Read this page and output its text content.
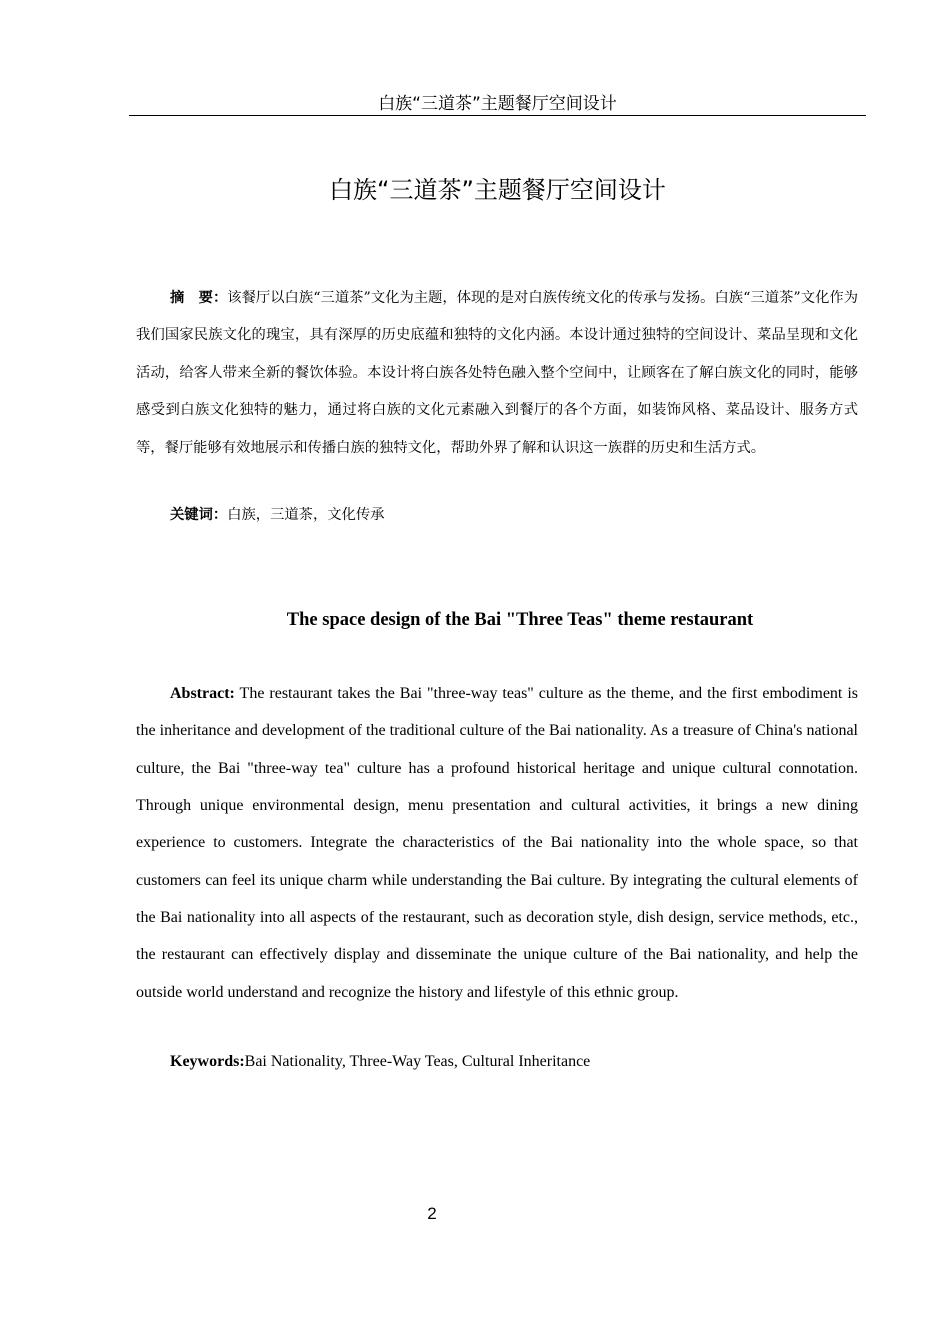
白族“三道茶”主题餐厅空间设计
白族“三道茶”主题餐厅空间设计

摘　要：该餐厅以白族“三道茶”文化为主题，体现的是对白族传统文化的传承与发扬。白族“三道茶”文化作为我们国家民族文化的瑰宝，具有深厚的历史底蕴和独特的文化内涵。本设计通过独特的空间设计、菜品呈现和文化活动，给客人带来全新的餐饮体验。本设计将白族各处特色融入整个空间中，让顾客在了解白族文化的同时，能够感受到白族文化独特的魅力，通过将白族的文化元素融入到餐厅的各个方面，如装饰风格、菜品设计、服务方式等，餐厅能够有效地展示和传播白族的独特文化，帮助外界了解和认识这一族群的历史和生活方式。

关键词：白族，三道茶，文化传承

The space design of the Bai "Three Teas" theme restaurant

Abstract: The restaurant takes the Bai "three-way teas" culture as the theme, and the first embodiment is the inheritance and development of the traditional culture of the Bai nationality. As a treasure of China's national culture, the Bai "three-way tea" culture has a profound historical heritage and unique cultural connotation. Through unique environmental design, menu presentation and cultural activities, it brings a new dining experience to customers. Integrate the characteristics of the Bai nationality into the whole space, so that customers can feel its unique charm while understanding the Bai culture. By integrating the cultural elements of the Bai nationality into all aspects of the restaurant, such as decoration style, dish design, service methods, etc., the restaurant can effectively display and disseminate the unique culture of the Bai nationality, and help the outside world understand and recognize the history and lifestyle of this ethnic group.

Keywords:Bai Nationality, Three-Way Teas, Cultural Inheritance

2
